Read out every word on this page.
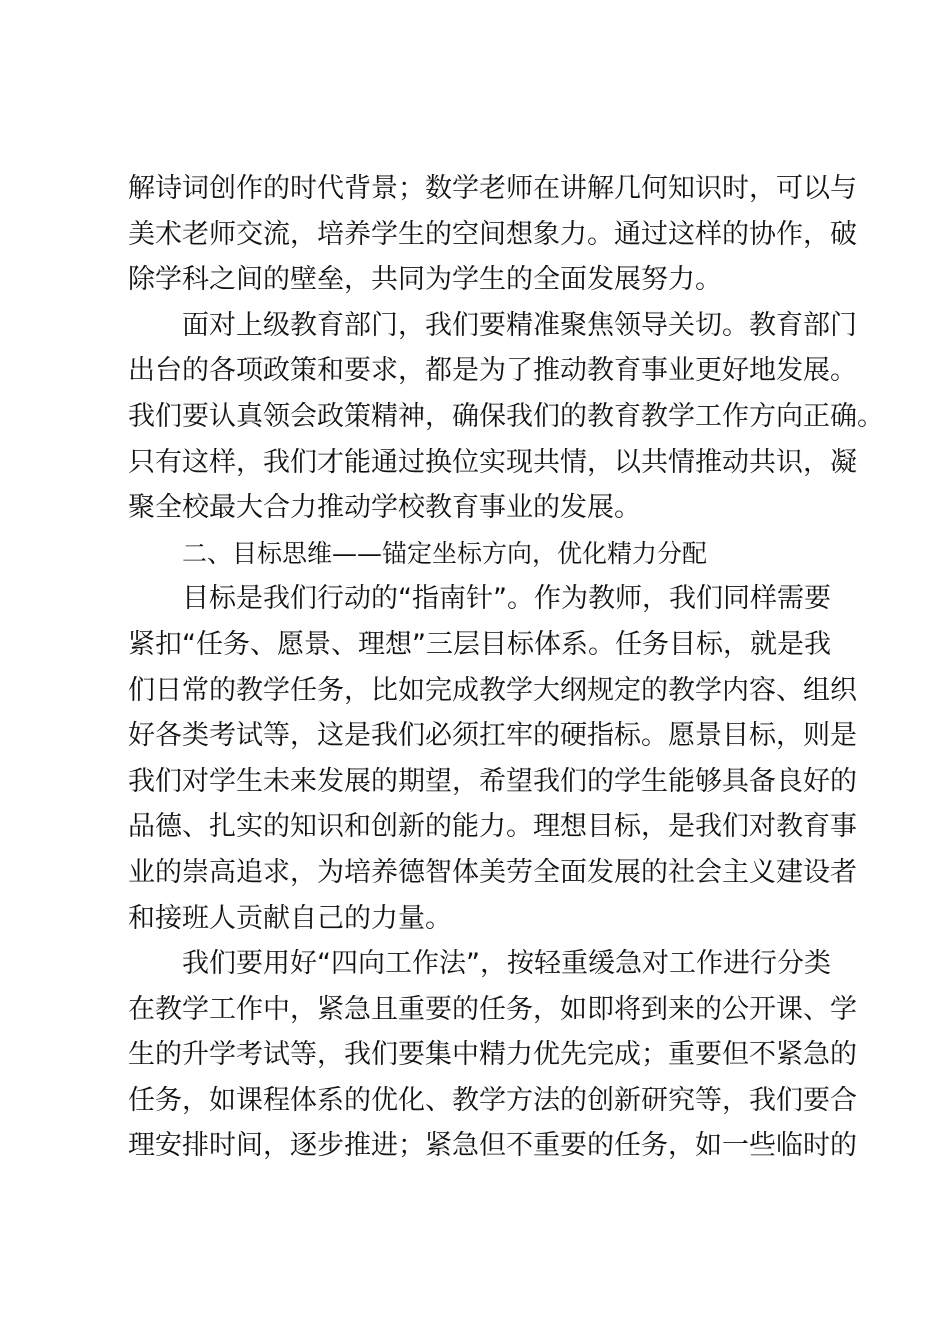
解诗词创作的时代背景；数学老师在讲解几何知识时，可以与
美术老师交流，培养学生的空间想象力。通过这样的协作，破
除学科之间的壁垒，共同为学生的全面发展努力。
面对上级教育部门，我们要精准聚焦领导关切。教育部门
出台的各项政策和要求，都是为了推动教育事业更好地发展。
我们要认真领会政策精神，确保我们的教育教学工作方向正确。
只有这样，我们才能通过换位实现共情，以共情推动共识，凝
聚全校最大合力推动学校教育事业的发展。
二、目标思维——锚定坐标方向，优化精力分配
目标是我们行动的“指南针”。作为教师，我们同样需要
紧扣“任务、愿景、理想”三层目标体系。任务目标，就是我
们日常的教学任务，比如完成教学大纲规定的教学内容、组织
好各类考试等，这是我们必须扛牢的硬指标。愿景目标，则是
我们对学生未来发展的期望，希望我们的学生能够具备良好的
品德、扎实的知识和创新的能力。理想目标，是我们对教育事
业的崇高追求，为培养德智体美劳全面发展的社会主义建设者
和接班人贡献自己的力量。
我们要用好“四向工作法”，按轻重缓急对工作进行分类
在教学工作中，紧急且重要的任务，如即将到来的公开课、学
生的升学考试等，我们要集中精力优先完成；重要但不紧急的
任务，如课程体系的优化、教学方法的创新研究等，我们要合
理安排时间，逐步推进；紧急但不重要的任务，如一些临时的
